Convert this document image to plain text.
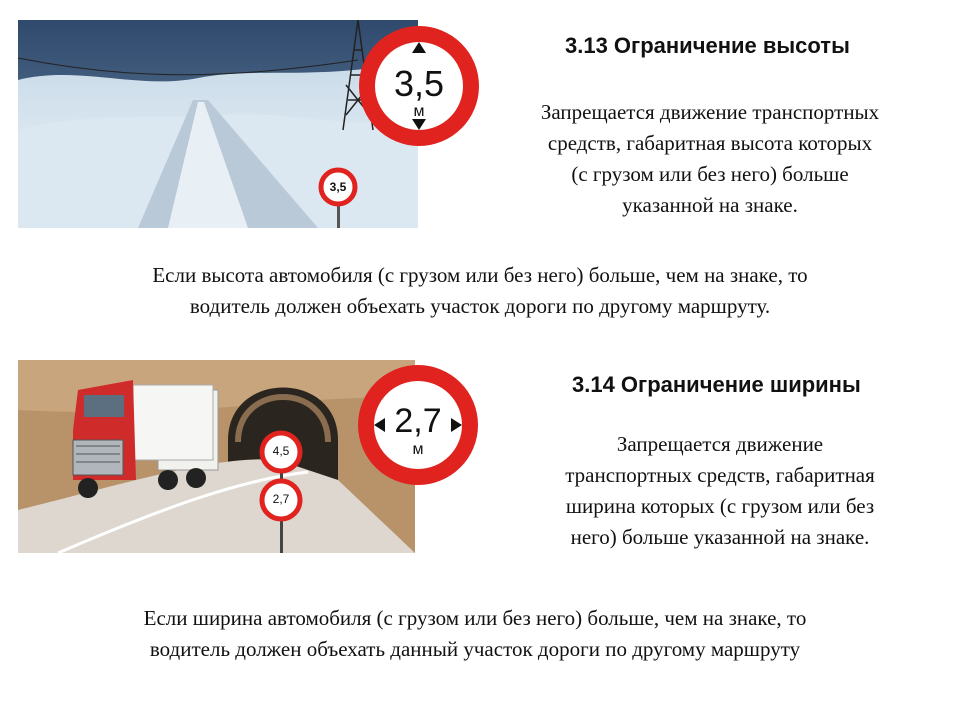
3,5
3,5
м
3.13 Ограничение высоты
Запрещается движение транспортных
средств, габаритная высота которых
(с грузом или без него) больше
указанной на знаке.
Если высота автомобиля (с грузом или без него) больше, чем на знаке, то
водитель должен объехать участок дороги по другому маршруту.
4,5
2,7
2,7
м
3.14 Ограничение ширины
Запрещается движение
транспортных средств, габаритная
ширина которых (с грузом или без
него) больше указанной на знаке.
Если ширина автомобиля (с грузом или без него) больше, чем на знаке, то
водитель должен объехать данный участок дороги по другому маршруту
